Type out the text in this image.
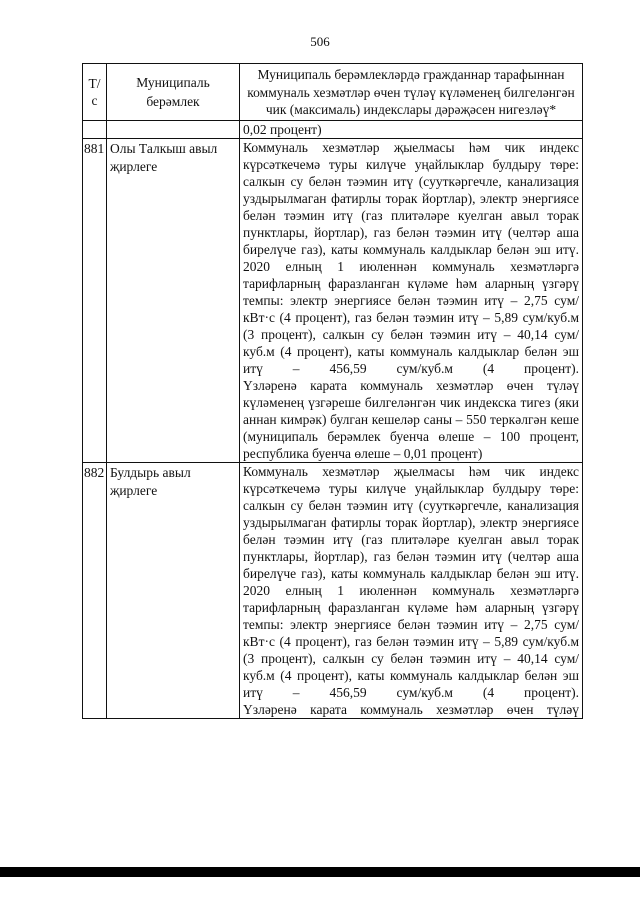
506
Т/с	Муниципаль берәмлек	Муниципаль берәмлекләрдә гражданнар тарафыннан коммуналь хезмәтләр өчен түләү күләменең билгеләнгән чик (максималь) индекслары дәрәҗәсен нигезләү*

		0,02 процент)

881	Олы Талкыш авыл җирлеге	Коммуналь хезмәтләр җыелмасы һәм чик индекс күрсәткечемә туры килүче уңайлыклар булдыру төре: салкын су белән тәэмин итү (сууткәргечле, канализация уздырылмаган фатирлы торак йортлар), электр энергиясе белән тәэмин итү (газ плитәләре куелган авыл торак пунктлары, йортлар), газ белән тәэмин итү (челтәр аша бирелүче газ), каты коммуналь калдыклар белән эш итү.

2020 елның 1 июленнән коммуналь хезмәтләргә тарифларның фаразланган күләме һәм аларның үзгәрү темпы: электр энергиясе белән тәэмин итү – 2,75 сум/кВт·с (4 процент), газ белән тәэмин итү – 5,89 сум/куб.м (3 процент), салкын су белән тәэмин итү – 40,14 сум/куб.м (4 процент), каты коммуналь калдыклар белән эш итү – 456,59 сум/куб.м (4 процент).

Үзләренә карата коммуналь хезмәтләр өчен түләү күләменең үзгәреше билгеләнгән чик индекска тигез (яки аннан кимрәк) булган кешеләр саны – 550 теркәлгән кеше (муниципаль берәмлек буенча өлеше – 100 процент, республика буенча өлеше – 0,01 процент)

882	Булдырь авыл җирлеге	Коммуналь хезмәтләр җыелмасы һәм чик индекс күрсәткечемә туры килүче уңайлыклар булдыру төре: салкын су белән тәэмин итү (сууткәргечле, канализация уздырылмаган фатирлы торак йортлар), электр энергиясе белән тәэмин итү (газ плитәләре куелган авыл торак пунктлары, йортлар), газ белән тәэмин итү (челтәр аша бирелүче газ), каты коммуналь калдыклар белән эш итү.

2020 елның 1 июленнән коммуналь хезмәтләргә тарифларның фаразланган күләме һәм аларның үзгәрү темпы: электр энергиясе белән тәэмин итү – 2,75 сум/кВт·с (4 процент), газ белән тәэмин итү – 5,89 сум/куб.м (3 процент), салкын су белән тәэмин итү – 40,14 сум/куб.м (4 процент), каты коммуналь калдыклар белән эш итү – 456,59 сум/куб.м (4 процент).

Үзләренә карата коммуналь хезмәтләр өчен түләү
